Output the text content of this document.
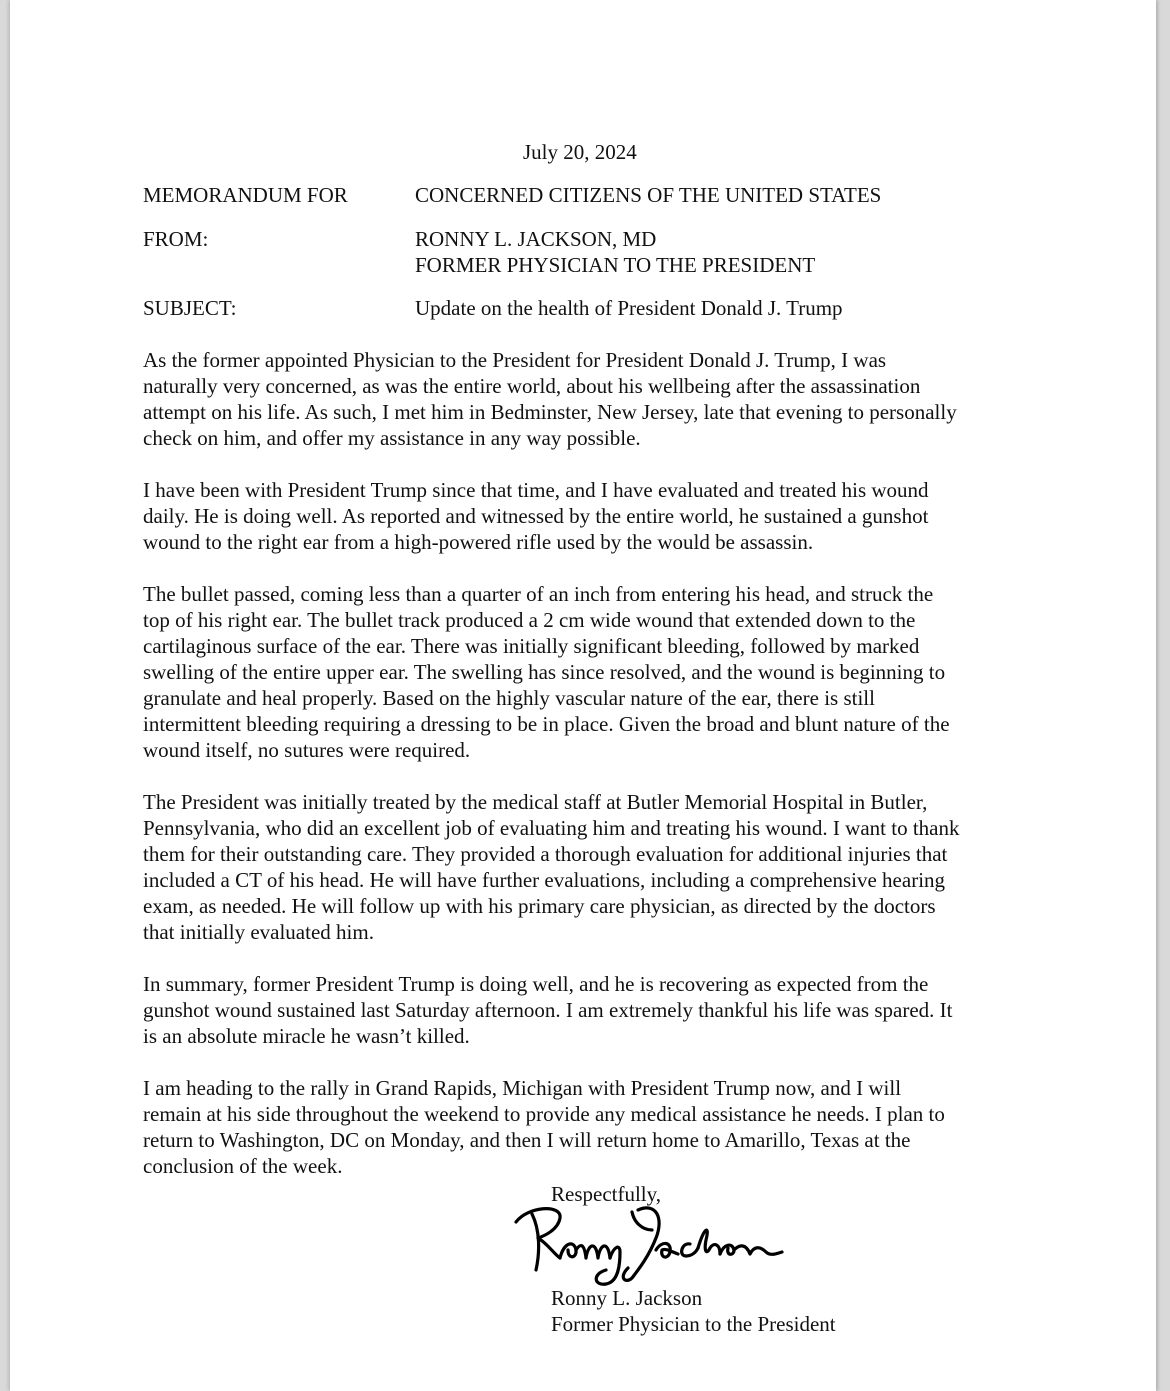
July 20, 2024
MEMORANDUM FOR	CONCERNED CITIZENS OF THE UNITED STATES
FROM:	RONNY L. JACKSON, MD
FORMER PHYSICIAN TO THE PRESIDENT
SUBJECT:	Update on the health of President Donald J. Trump

As the former appointed Physician to the President for President Donald J. Trump, I was
naturally very concerned, as was the entire world, about his wellbeing after the assassination
attempt on his life. As such, I met him in Bedminster, New Jersey, late that evening to personally
check on him, and offer my assistance in any way possible.

I have been with President Trump since that time, and I have evaluated and treated his wound
daily. He is doing well. As reported and witnessed by the entire world, he sustained a gunshot
wound to the right ear from a high-powered rifle used by the would be assassin.

The bullet passed, coming less than a quarter of an inch from entering his head, and struck the
top of his right ear. The bullet track produced a 2 cm wide wound that extended down to the
cartilaginous surface of the ear. There was initially significant bleeding, followed by marked
swelling of the entire upper ear. The swelling has since resolved, and the wound is beginning to
granulate and heal properly. Based on the highly vascular nature of the ear, there is still
intermittent bleeding requiring a dressing to be in place. Given the broad and blunt nature of the
wound itself, no sutures were required.

The President was initially treated by the medical staff at Butler Memorial Hospital in Butler,
Pennsylvania, who did an excellent job of evaluating him and treating his wound. I want to thank
them for their outstanding care. They provided a thorough evaluation for additional injuries that
included a CT of his head. He will have further evaluations, including a comprehensive hearing
exam, as needed. He will follow up with his primary care physician, as directed by the doctors
that initially evaluated him.

In summary, former President Trump is doing well, and he is recovering as expected from the
gunshot wound sustained last Saturday afternoon. I am extremely thankful his life was spared. It
is an absolute miracle he wasn’t killed.

I am heading to the rally in Grand Rapids, Michigan with President Trump now, and I will
remain at his side throughout the weekend to provide any medical assistance he needs. I plan to
return to Washington, DC on Monday, and then I will return home to Amarillo, Texas at the
conclusion of the week.

Respectfully,
Ronny L. Jackson
Former Physician to the President
